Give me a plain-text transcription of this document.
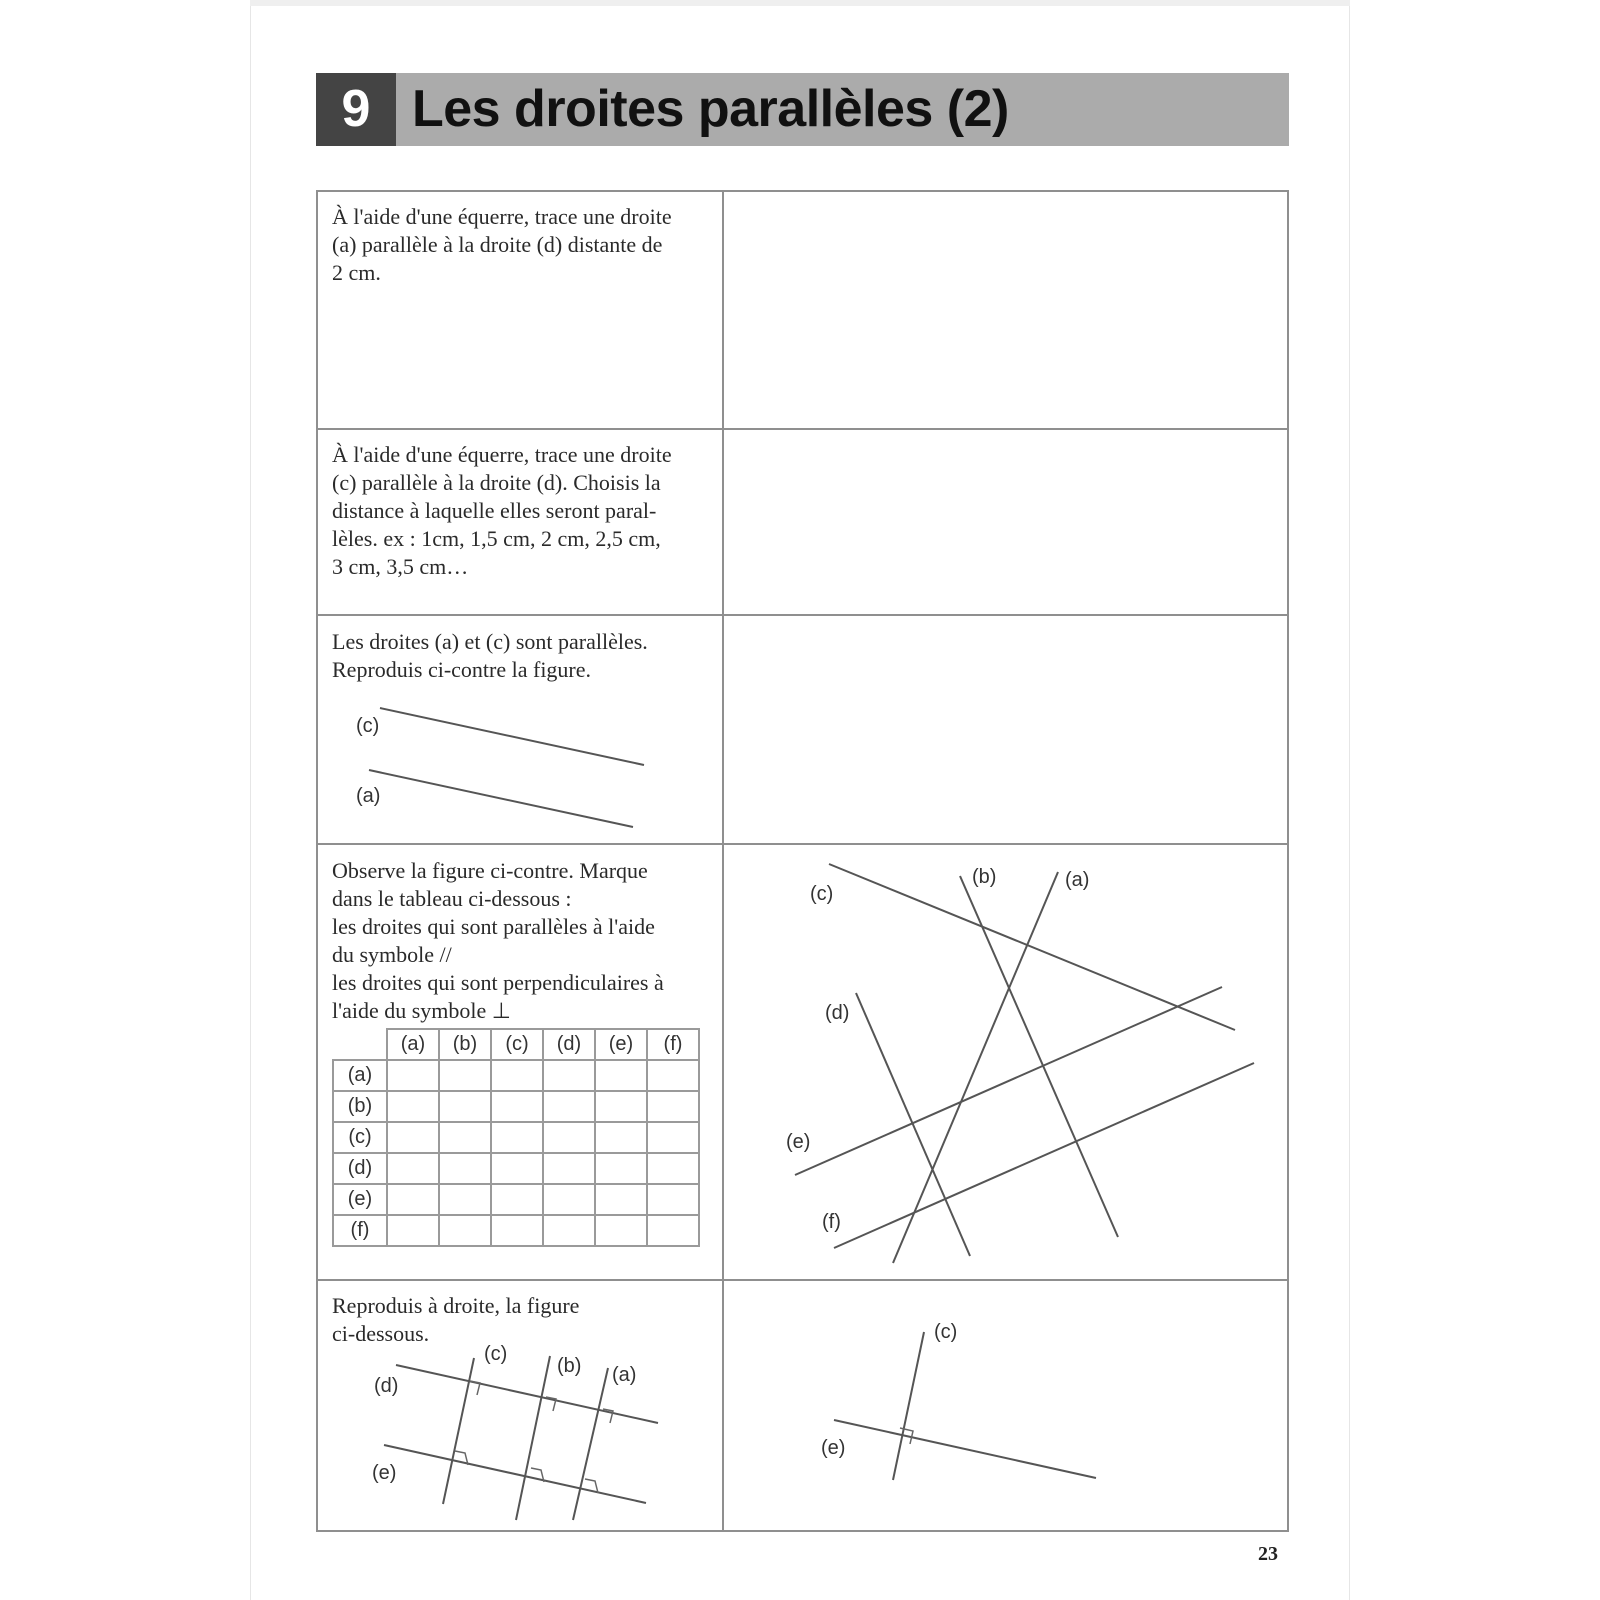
9 Les droites parallèles (2)
À l'aide d'une équerre, trace une droite
(a) parallèle à la droite (d) distante de
2 cm.
À l'aide d'une équerre, trace une droite
(c) parallèle à la droite (d). Choisis la
distance à laquelle elles seront paral-
lèles. ex : 1cm, 1,5 cm, 2 cm, 2,5 cm,
3 cm, 3,5 cm…
Les droites (a) et (c) sont parallèles.
Reproduis ci-contre la figure.
Observe la figure ci-contre. Marque
dans le tableau ci-dessous :
les droites qui sont parallèles à l'aide
du symbole //
les droites qui sont perpendiculaires à
l'aide du symbole ⊥
	(a)	(b)	(c)	(d)	(e)	(f)
(a)						
(b)						
(c)						
(d)						
(e)						
(f)						
Reproduis à droite, la figure
ci-dessous.
(c)
(a)
(c)
(b)	(a)
(d)
(e)
(f)
(c)
(b) (a)
(d)
(e)
(c)
(e)
23
